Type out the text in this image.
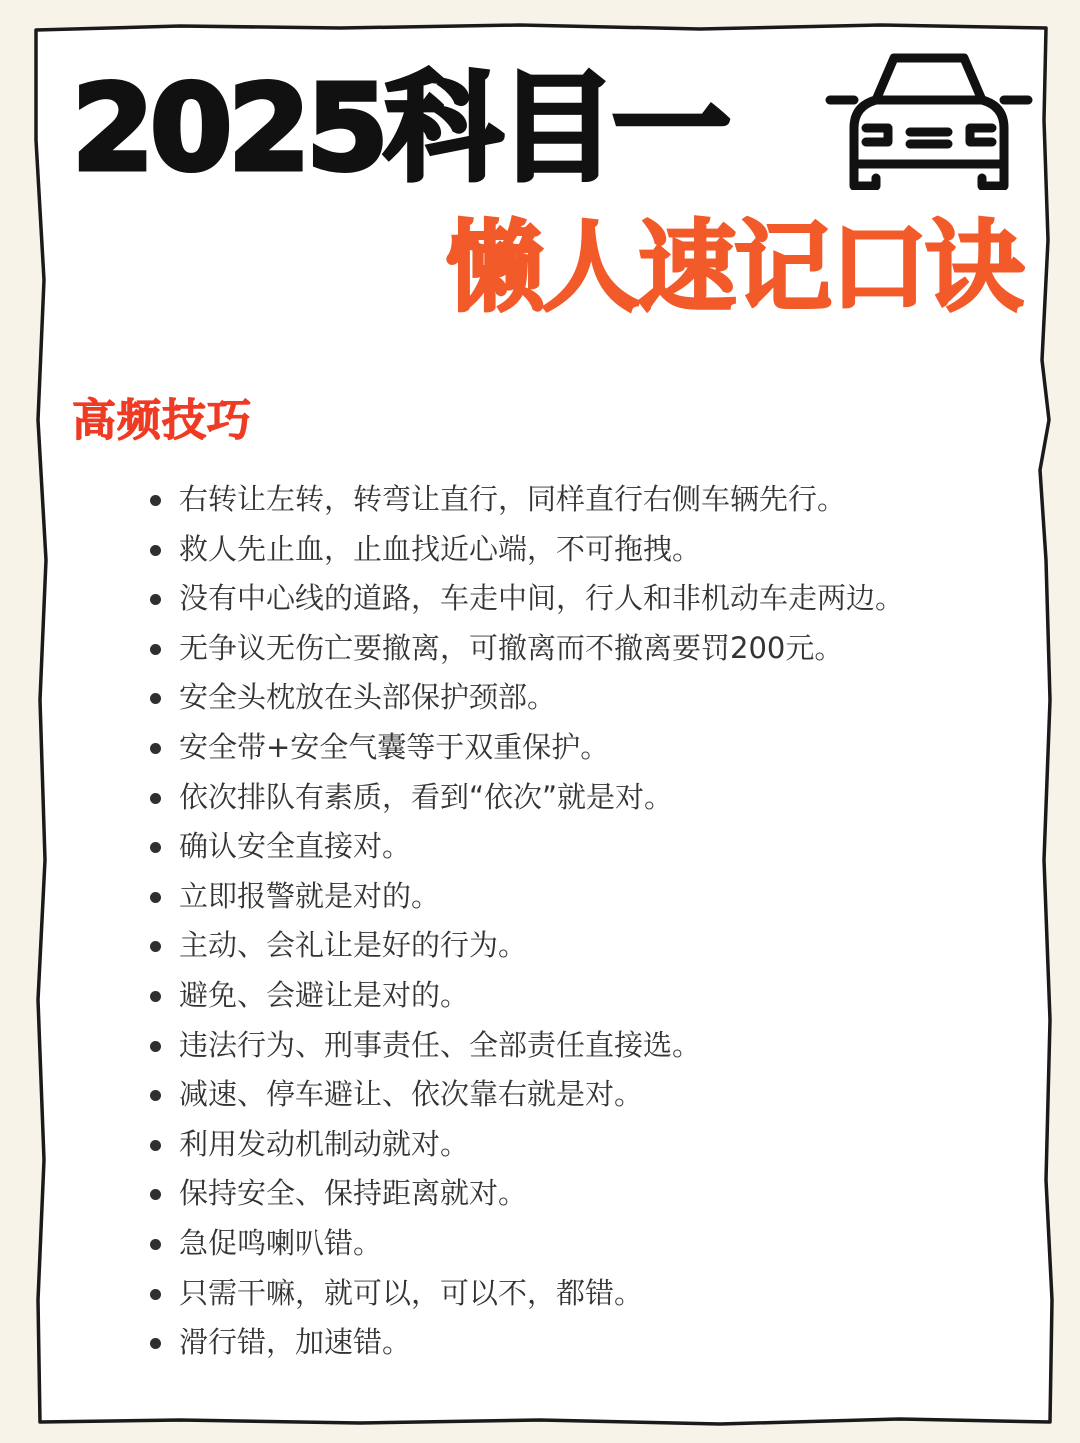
2025科目一
懒人速记口诀
高频技巧
右转让左转，转弯让直行，同样直行右侧车辆先行。
救人先止血，止血找近心端，不可拖拽。
没有中心线的道路，车走中间，行人和非机动车走两边。
无争议无伤亡要撤离，可撤离而不撤离要罚200元。
安全头枕放在头部保护颈部。
安全带+安全气囊等于双重保护。
依次排队有素质，看到“依次”就是对。
确认安全直接对。
立即报警就是对的。
主动、会礼让是好的行为。
避免、会避让是对的。
违法行为、刑事责任、全部责任直接选。
减速、停车避让、依次靠右就是对。
利用发动机制动就对。
保持安全、保持距离就对。
急促鸣喇叭错。
只需干嘛，就可以，可以不，都错。
滑行错，加速错。
